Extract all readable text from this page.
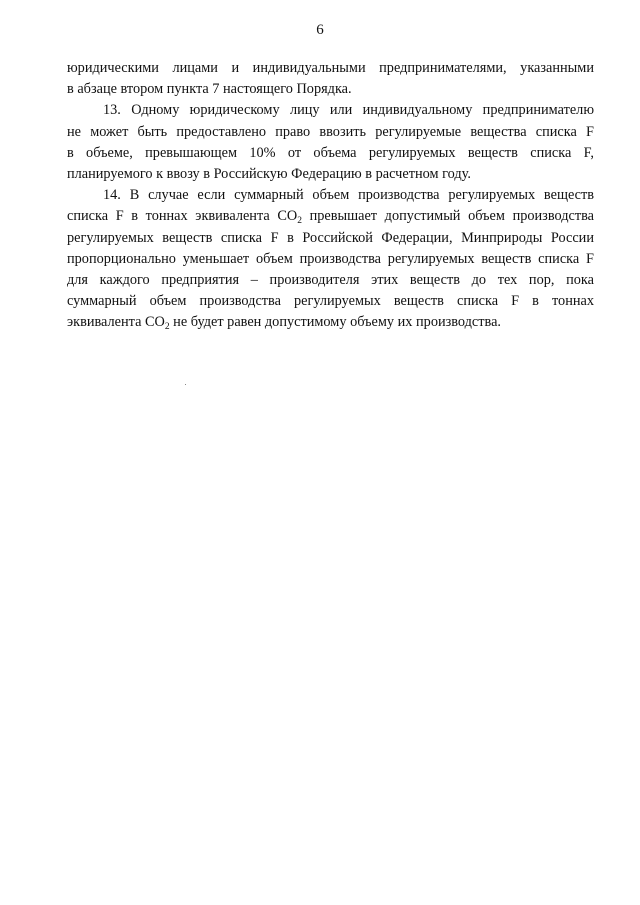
6
юридическими лицами и индивидуальными предпринимателями, указанными
в абзаце втором пункта 7 настоящего Порядка.
13. Одному юридическому лицу или индивидуальному предпринимателю
не может быть предоставлено право ввозить регулируемые вещества списка F
в объеме, превышающем 10% от объема регулируемых веществ списка F,
планируемого к ввозу в Российскую Федерацию в расчетном году.
14. В случае если суммарный объем производства регулируемых веществ
списка F в тоннах эквивалента $CO_2$ превышает допустимый объем производства
регулируемых веществ списка F в Российской Федерации, Минприроды России
пропорционально уменьшает объем производства регулируемых веществ списка F
для каждого предприятия – производителя этих веществ до тех пор, пока
суммарный объем производства регулируемых веществ списка F в тоннах
эквивалента $CO_2$ не будет равен допустимому объему их производства.
